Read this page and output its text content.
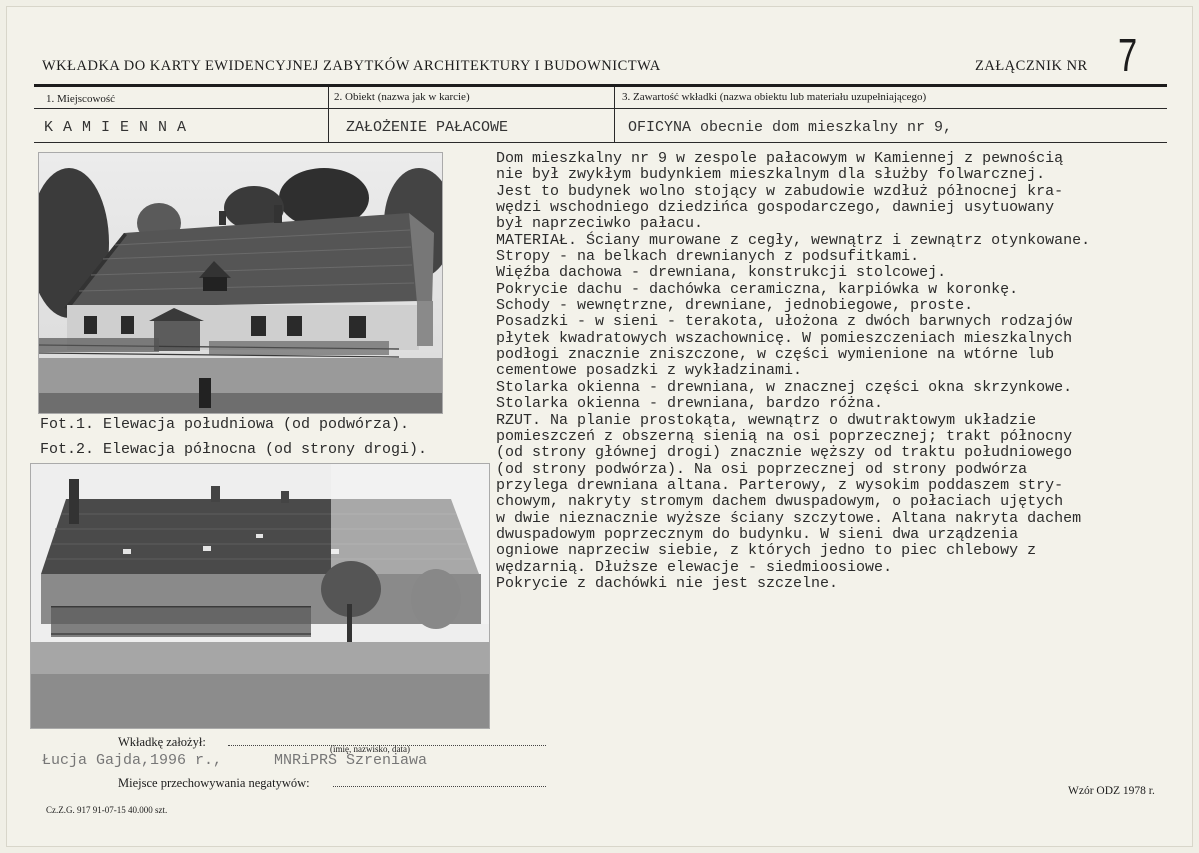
WKŁADKA DO KARTY EWIDENCYJNEJ ZABYTKÓW ARCHITEKTURY I BUDOWNICTWA	ZAŁĄCZNIK NR 7
1. Miejscowość	2. Obiekt (nazwa jak w karcie)	3. Zawartość wkładki (nazwa obiektu lub materiału uzupełniającego)
KAMIENNA	ZAŁOŻENIE PAŁACOWE	OFICYNA obecnie dom mieszkalny nr 9,
Fot.1. Elewacja południowa (od podwórza).
Fot.2. Elewacja północna (od strony drogi).
Dom mieszkalny nr 9 w zespole pałacowym w Kamiennej z pewnością
nie był zwykłym budynkiem mieszkalnym dla służby folwarcznej.
Jest to budynek wolno stojący w zabudowie wzdłuż północnej kra-
wędzi wschodniego dziedzińca gospodarczego, dawniej usytuowany
był naprzeciwko pałacu.
MATERIAŁ. Ściany murowane z cegły, wewnątrz i zewnątrz otynkowane.
Stropy - na belkach drewnianych z podsufitkami.
Więźba dachowa - drewniana, konstrukcji stolcowej.
Pokrycie dachu - dachówka ceramiczna, karpiówka w koronkę.
Schody - wewnętrzne, drewniane, jednobiegowe, proste.
Posadzki - w sieni - terakota, ułożona z dwóch barwnych rodzajów
płytek kwadratowych wszachownicę. W pomieszczeniach mieszkalnych
podłogi znacznie zniszczone, w części wymienione na wtórne lub
cementowe posadzki z wykładzinami.
Stolarka okienna - drewniana, w znacznej części okna skrzynkowe.
Stolarka okienna - drewniana, bardzo różna.
RZUT. Na planie prostokąta, wewnątrz o dwutraktowym układzie
pomieszczeń z obszerną sienią na osi poprzecznej; trakt północny
(od strony głównej drogi) znacznie węższy od traktu południowego
(od strony podwórza). Na osi poprzecznej od strony podwórza
przylega drewniana altana. Parterowy, z wysokim poddaszem stry-
chowym, nakryty stromym dachem dwuspadowym, o połaciach ujętych
w dwie nieznacznie wyższe ściany szczytowe. Altana nakryta dachem
dwuspadowym poprzecznym do budynku. W sieni dwa urządzenia
ogniowe naprzeciw siebie, z których jedno to piec chlebowy z
wędzarnią. Dłuższe elewacje - siedmioosiowe.
Pokrycie z dachówki nie jest szczelne.
Wkładkę założył:	(imię, nazwisko, data)
Łucja Gajda,1996 r.,	MNRiPRS Szreniawa
Miejsce przechowywania negatywów:
Cz.Z.G. 917 91-07-15 40.000 szt.
Wzór ODZ 1978 r.
